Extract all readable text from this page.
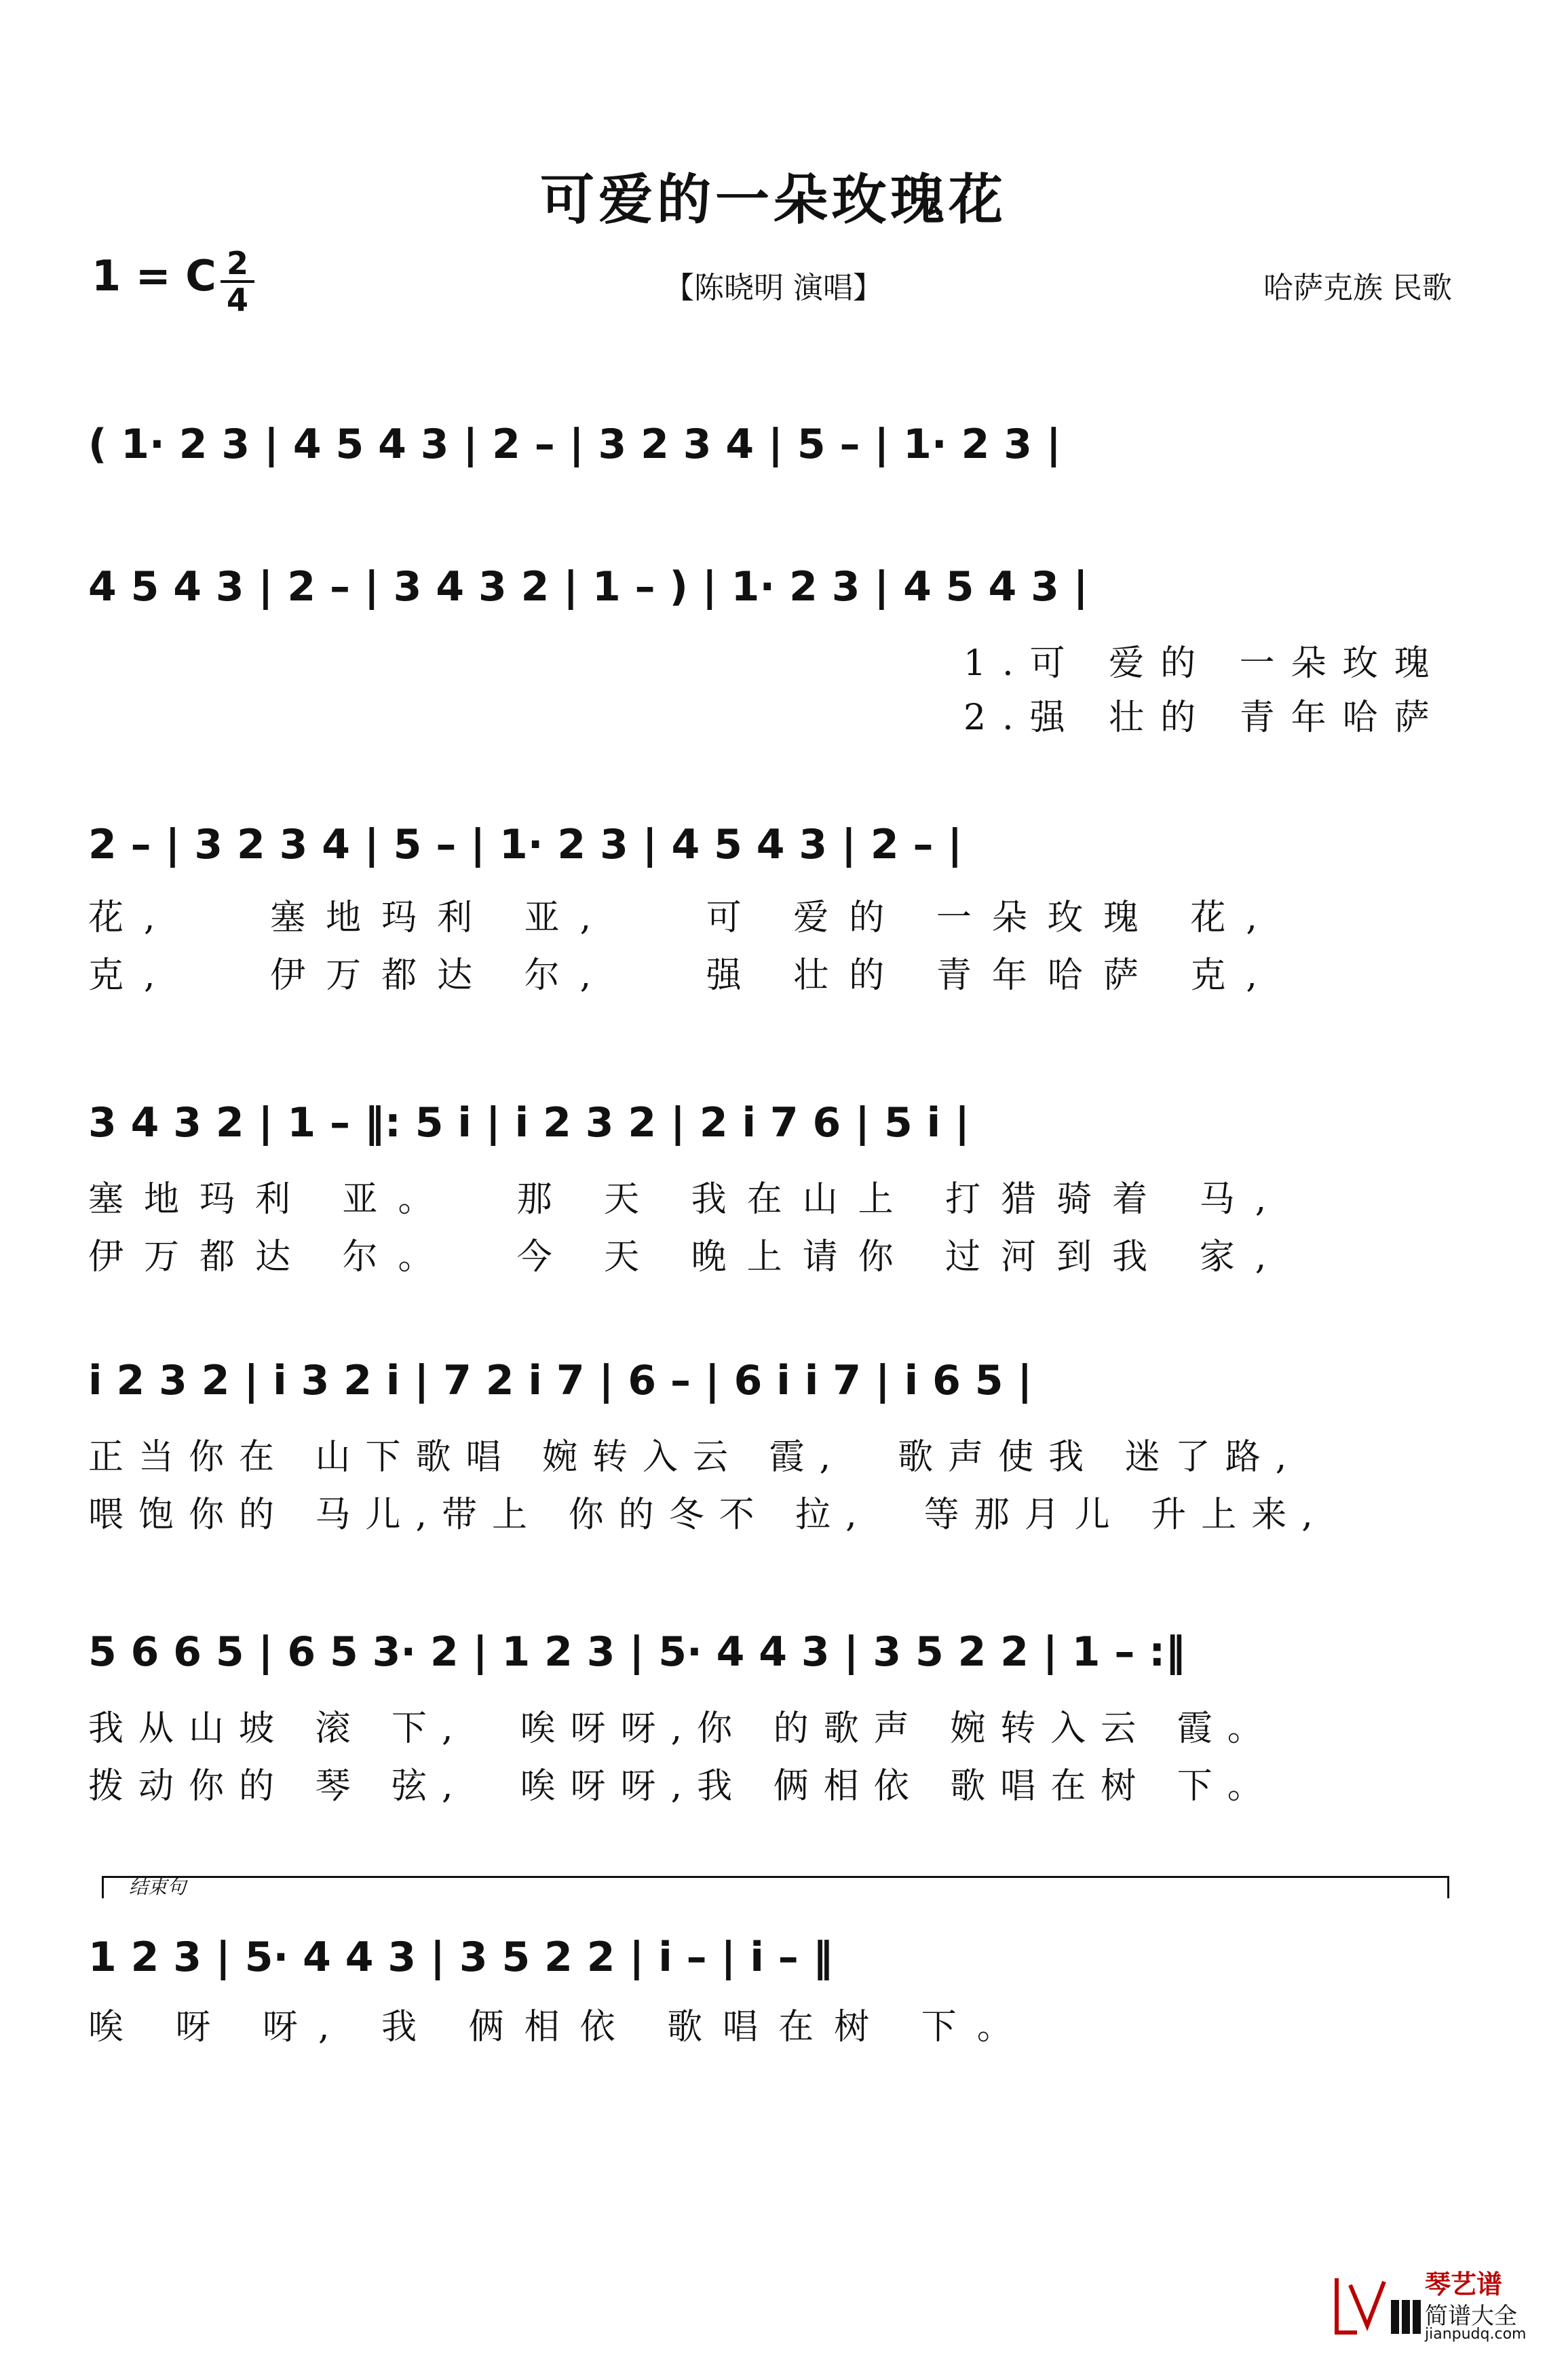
可爱的一朵玫瑰花
1 = C 2
4	【陈晓明 演唱】	哈萨克族 民歌
( 1· 2 3 | 4 5 4 3 | 2 – | 3 2 3 4 | 5 – | 1· 2 3 |
4 5 4 3 | 2 – | 3 4 3 2 | 1 – ) | 1· 2 3 | 4 5 4 3 |
1.可 爱的 一朵玫瑰
2.强 壮的 青年哈萨
2 – | 3 2 3 4 | 5 – | 1· 2 3 | 4 5 4 3 | 2 – |
花,   塞地玛利 亚,   可 爱的 一朵玫瑰 花,
克,   伊万都达 尔,   强 壮的 青年哈萨 克,
3 4 3 2 | 1 – ‖: 5 i | i 2 3 2 | 2 i 7 6 | 5 i |
塞地玛利 亚。  那 天 我在山上 打猎骑着 马,
伊万都达 尔。  今 天 晚上请你 过河到我 家,
i 2 3 2 | i 3 2 i | 7 2 i 7 | 6 – | 6 i i 7 | i 6 5 |
正当你在 山下歌唱 婉转入云 霞,  歌声使我 迷了路,
喂饱你的 马儿,带上 你的冬不 拉,  等那月儿 升上来,
5 6 6 5 | 6 5 3· 2 | 1 2 3 | 5· 4 4 3 | 3 5 2 2 | 1 – :‖
我从山坡 滚 下,  唉呀呀,你 的歌声 婉转入云 霞。
拨动你的 琴 弦,  唉呀呀,我 俩相依 歌唱在树 下。
结束句
1 2 3 | 5· 4 4 3 | 3 5 2 2 | i – | i – ‖
唉 呀 呀, 我 俩相依 歌唱在树 下。
琴艺谱
简谱大全
jianpudq.com
